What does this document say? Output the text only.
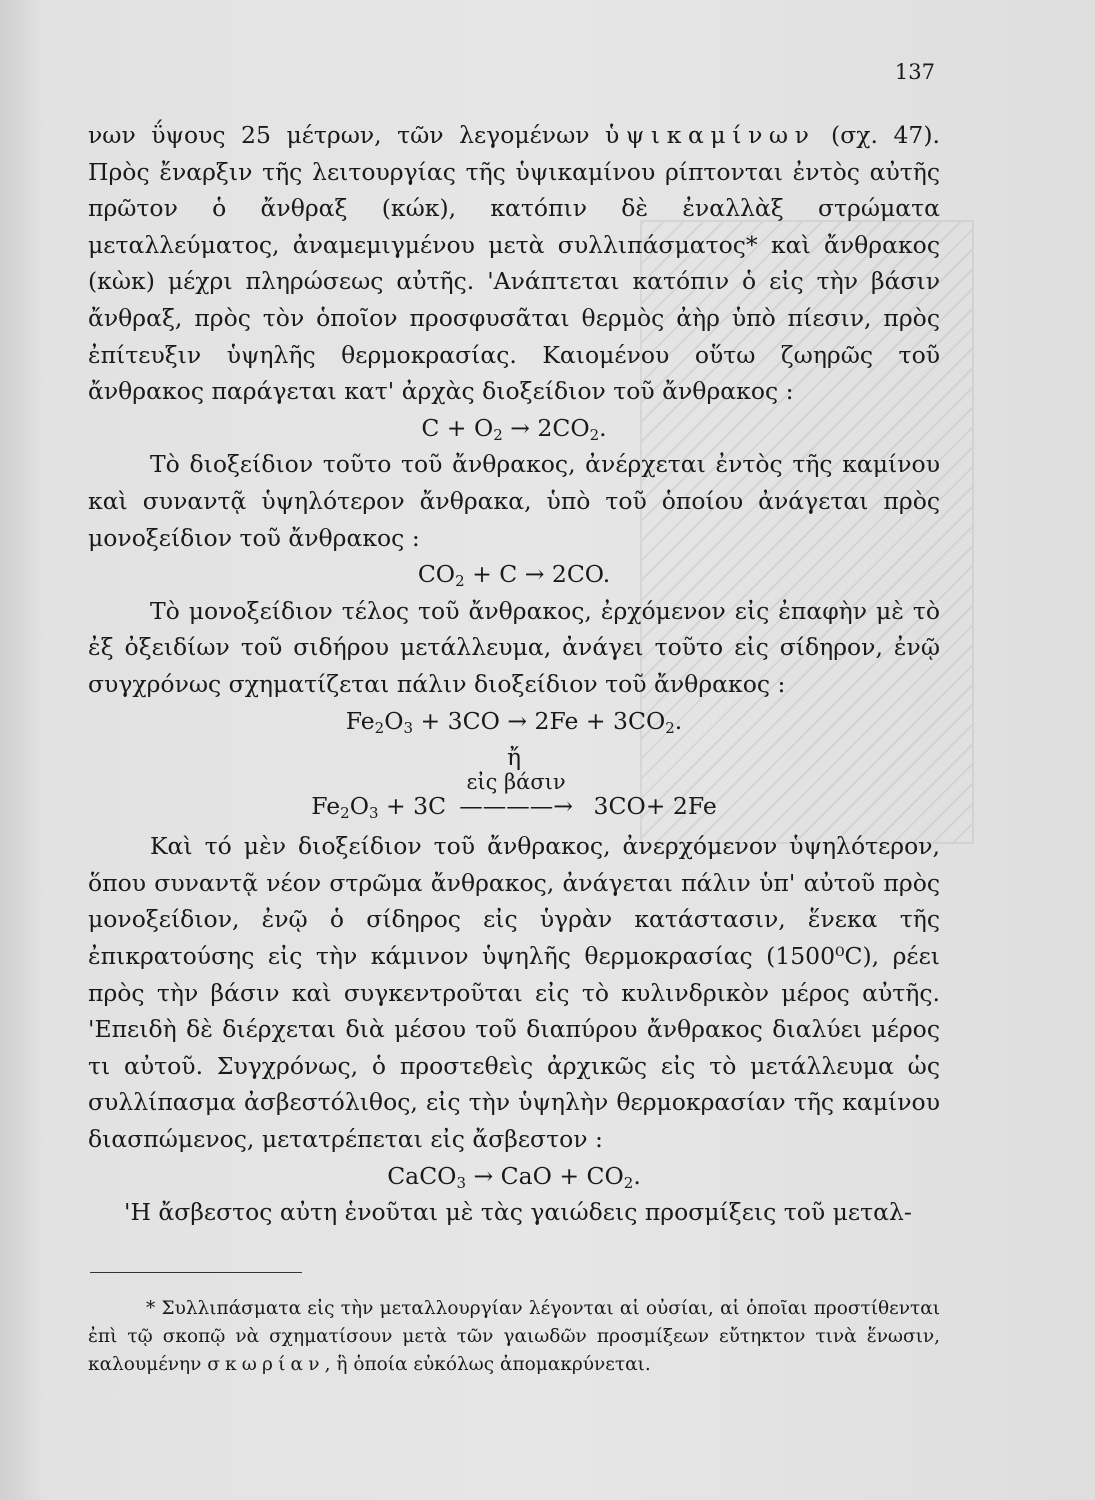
137

νων ΰψους 25 μέτρων, τῶν λεγομένων ὑψικαμίνων (σχ. 47). Πρὸς ἔναρξιν τῆς λειτουργίας τῆς ὑψικαμίνου ρίπτονται ἐντὸς αὐτῆς πρῶτον ὁ ἄνθραξ (κώκ), κατόπιν δὲ ἐναλλὰξ στρώματα μεταλλεύματος, ἀναμεμιγμένου μετὰ συλλιπάσματος* καὶ ἄνθρακος (κὼκ) μέχρι πληρώσεως αὐτῆς. 'Ανάπτεται κατόπιν ὁ εἰς τὴν βάσιν ἄνθραξ, πρὸς τὸν ὁποῖον προσφυσᾶται θερμὸς ἀὴρ ὑπὸ πίεσιν, πρὸς ἐπίτευξιν ὑψηλῆς θερμοκρασίας. Καιομένου οὕτω ζωηρῶς τοῦ ἄνθρακος παράγεται κατ' ἀρχὰς διοξείδιον τοῦ ἄνθρακος :

$C + O_2 \to 2CO_2$.

Τὸ διοξείδιον τοῦτο τοῦ ἄνθρακος, ἀνέρχεται ἐντὸς τῆς καμίνου καὶ συναντᾷ ὑψηλότερον ἄνθρακα, ὑπὸ τοῦ ὁποίου ἀνάγεται πρὸς μονοξείδιον τοῦ ἄνθρακος :

$CO_2 + C \to 2CO$.

Τὸ μονοξείδιον τέλος τοῦ ἄνθρακος, ἐρχόμενον εἰς ἐπαφὴν μὲ τὸ ἐξ ὀξειδίων τοῦ σιδήρου μετάλλευμα, ἀνάγει τοῦτο εἰς σίδηρον, ἐνῷ συγχρόνως σχηματίζεται πάλιν διοξείδιον τοῦ ἄνθρακος :

$Fe_2O_3 + 3CO \to 2Fe + 3CO_2$.
ἤ
$Fe_2O_3 + 3C$
εἰς βάσιν
————→ 3CO+ 2Fe

Καὶ τό μὲν διοξείδιον τοῦ ἄνθρακος, ἀνερχόμενον ὑψηλότερον, ὅπου συναντᾷ νέον στρῶμα ἄνθρακος, ἀνάγεται πάλιν ὑπ' αὐτοῦ πρὸς μονοξείδιον, ἐνῷ ὁ σίδηρος εἰς ὑγρὰν κατάστασιν, ἕνεκα τῆς ἐπικρατούσης εἰς τὴν κάμινον ὑψηλῆς θερμοκρασίας (1500⁰C), ρέει πρὸς τὴν βάσιν καὶ συγκεντροῦται εἰς τὸ κυλινδρικὸν μέρος αὐτῆς. 'Επειδὴ δὲ διέρχεται διὰ μέσου τοῦ διαπύρου ἄνθρακος διαλύει μέρος τι αὐτοῦ. Συγχρόνως, ὁ προστεθεὶς ἀρχικῶς εἰς τὸ μετάλλευμα ὡς συλλίπασμα ἀσβεστόλιθος, εἰς τὴν ὑψηλὴν θερμοκρασίαν τῆς καμίνου διασπώμενος, μετατρέπεται εἰς ἄσβεστον :

CaCO$_3$ → CaO + $CO_2$.

'Η ἄσβεστος αὐτη ἑνοῦται μὲ τὰς γαιώδεις προσμίξεις τοῦ μεταλ-

* Συλλιπάσματα εἰς τὴν μεταλλουργίαν λέγονται αἱ οὐσίαι, αἱ ὁποῖαι προστίθενται ἐπὶ τῷ σκοπῷ νὰ σχηματίσουν μετὰ τῶν γαιωδῶν προσμίξεων εὔτηκτον τινὰ ἕνωσιν, καλουμένην σκωρίαν, ἣ ὁποία εὐκόλως ἀπομακρύνεται.
